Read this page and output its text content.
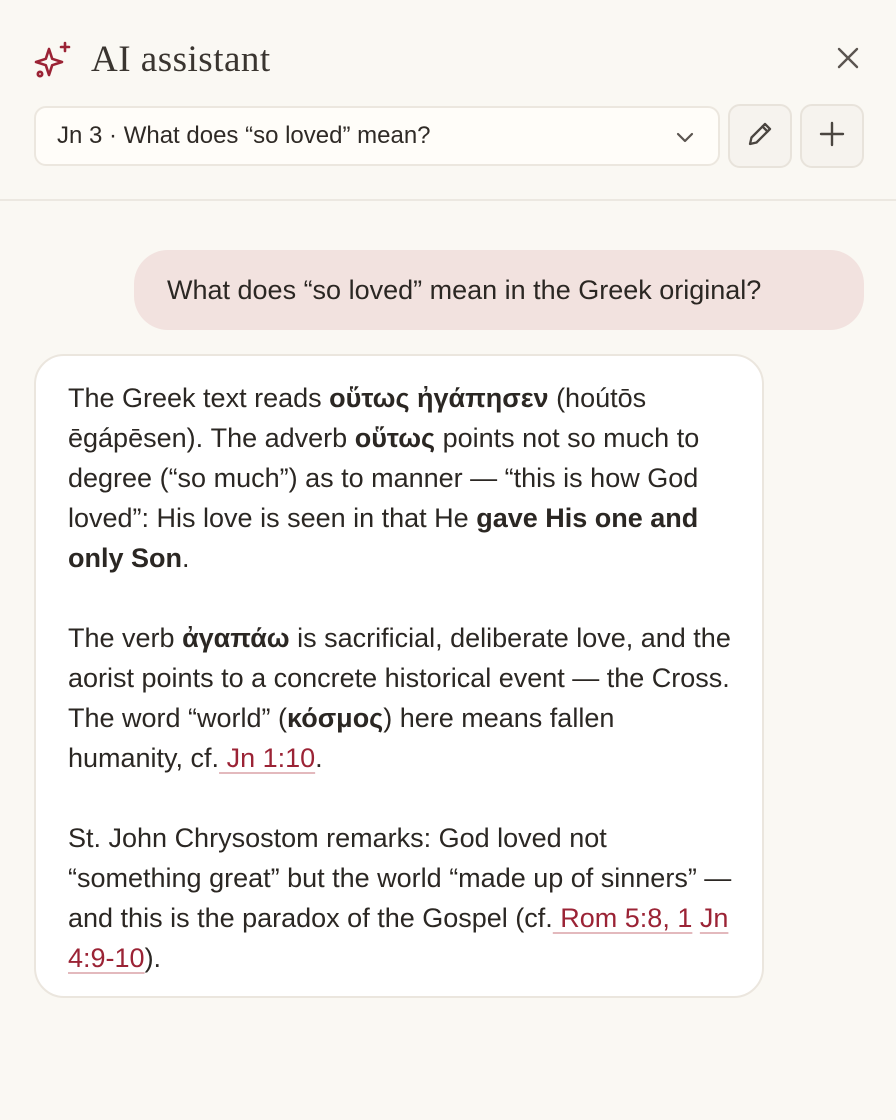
AI assistant
Jn 3 · What does “so loved” mean?
What does “so loved” mean in the Greek original?

The Greek text reads οὕτως ἠγάπησεν (hoútōs ēgápēsen). The adverb οὕτως points not so much to degree (“so much”) as to manner — “this is how God loved”: His love is seen in that He gave His one and only Son.

The verb ἀγαπάω is sacrificial, deliberate love, and the aorist points to a concrete historical event — the Cross. The word “world” (κόσμος) here means fallen humanity, cf. Jn 1:10.

St. John Chrysostom remarks: God loved not “something great” but the world “made up of sinners” — and this is the paradox of the Gospel (cf. Rom 5:8, 1 Jn 4:9-10).
